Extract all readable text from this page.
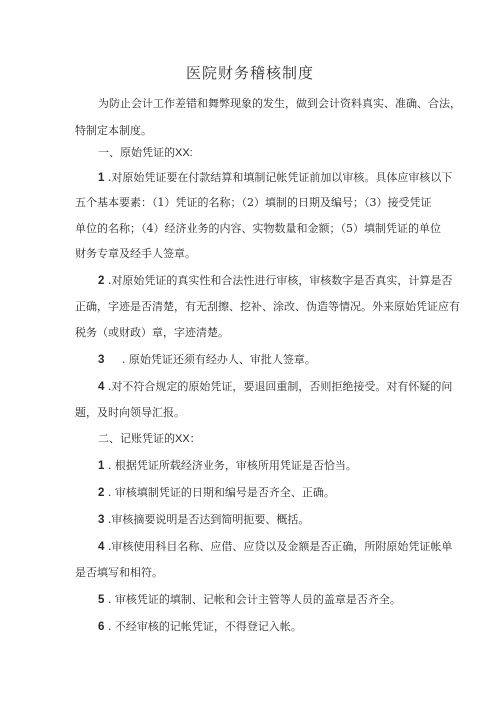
医院财务稽核制度
为防止会计工作差错和舞弊现象的发生，做到会计资料真实、准确、合法，
特制定本制度。
一、原始凭证的XX:
1 .对原始凭证要在付款结算和填制记帐凭证前加以审核。具体应审核以下
五个基本要素：（1）凭证的名称；（2）填制的日期及编号；（3）接受凭证
单位的名称；（4）经济业务的内容、实物数量和金额；（5）填制凭证的单位
财务专章及经手人签章。
2 .对原始凭证的真实性和合法性进行审核，审核数字是否真实，计算是否
正确，字迹是否清楚，有无刮擦、挖补、涂改、伪造等情况。外来原始凭证应有
税务（或财政）章，字迹清楚。
3 . 原始凭证还须有经办人、审批人签章。
4 .对不符合规定的原始凭证，要退回重制，否则拒绝接受。对有怀疑的问
题，及时向领导汇报。
二、记账凭证的XX：
1 . 根据凭证所载经济业务，审核所用凭证是否恰当。
2 . 审核填制凭证的日期和编号是否齐全、正确。
3 .审核摘要说明是否达到简明扼要、概括。
4 .审核使用科目名称、应借、应贷以及金额是否正确，所附原始凭证帐单
是否填写和相符。
5 . 审核凭证的填制、记帐和会计主管等人员的盖章是否齐全。
6 . 不经审核的记帐凭证，不得登记入帐。
